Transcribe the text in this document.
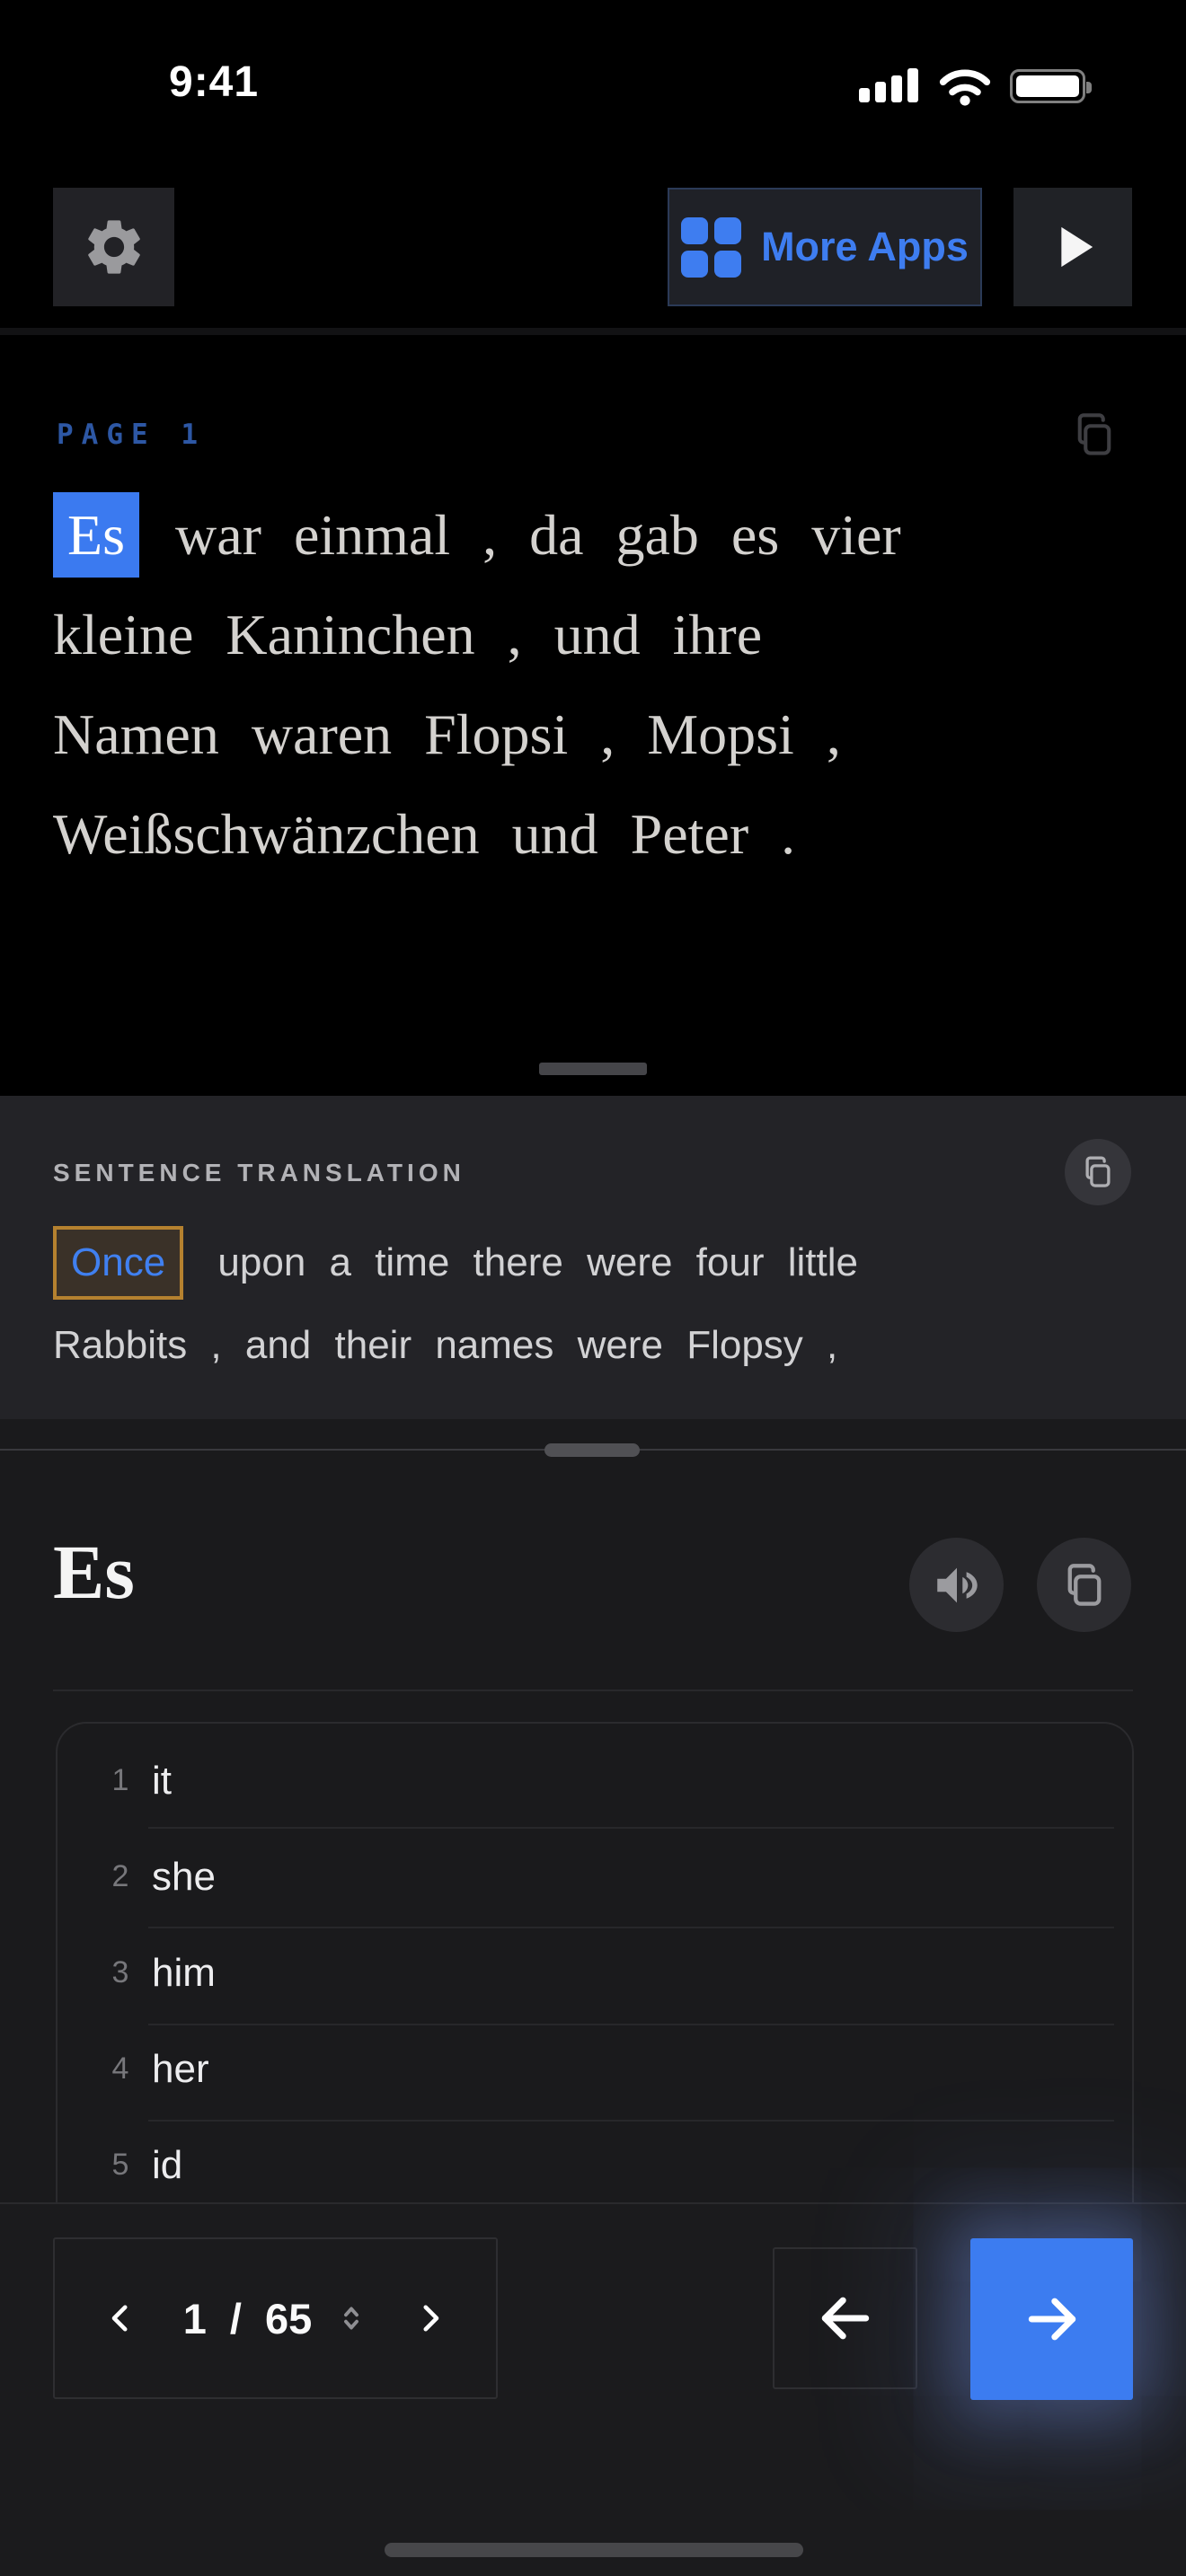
9:41
More Apps
PAGE 1
Es war einmal , da gab es vier
kleine Kaninchen , und ihre
Namen waren Flopsi , Mopsi ,
Weißschwänzchen und Peter .
SENTENCE TRANSLATION
Once upon a time there were four little
Rabbits , and their names were Flopsy ,
Es
1 it
2 she
3 him
4 her
5 id
1 / 65
